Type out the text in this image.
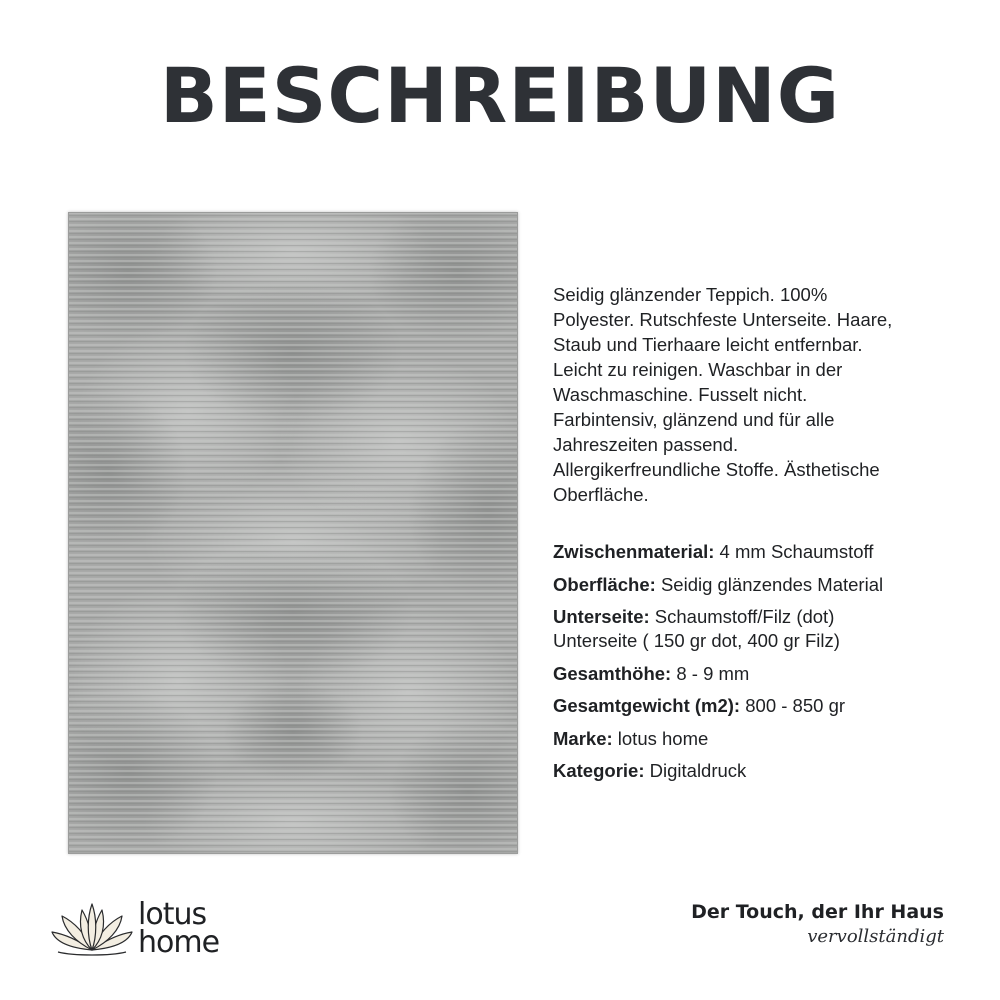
BESCHREIBUNG
Seidig glänzender Teppich. 100%
Polyester. Rutschfeste Unterseite. Haare,
Staub und Tierhaare leicht entfernbar.
Leicht zu reinigen. Waschbar in der
Waschmaschine. Fusselt nicht.
Farbintensiv, glänzend und für alle
Jahreszeiten passend.
Allergikerfreundliche Stoffe. Ästhetische
Oberfläche.
Zwischenmaterial: 4 mm Schaumstoff
Oberfläche: Seidig glänzendes Material
Unterseite: Schaumstoff/Filz (dot)
Unterseite ( 150 gr dot, 400 gr Filz)
Gesamthöhe: 8 - 9 mm
Gesamtgewicht (m2): 800 - 850 gr
Marke: lotus home
Kategorie: Digitaldruck
lotus
home
Der Touch, der Ihr Haus
vervollständigt
